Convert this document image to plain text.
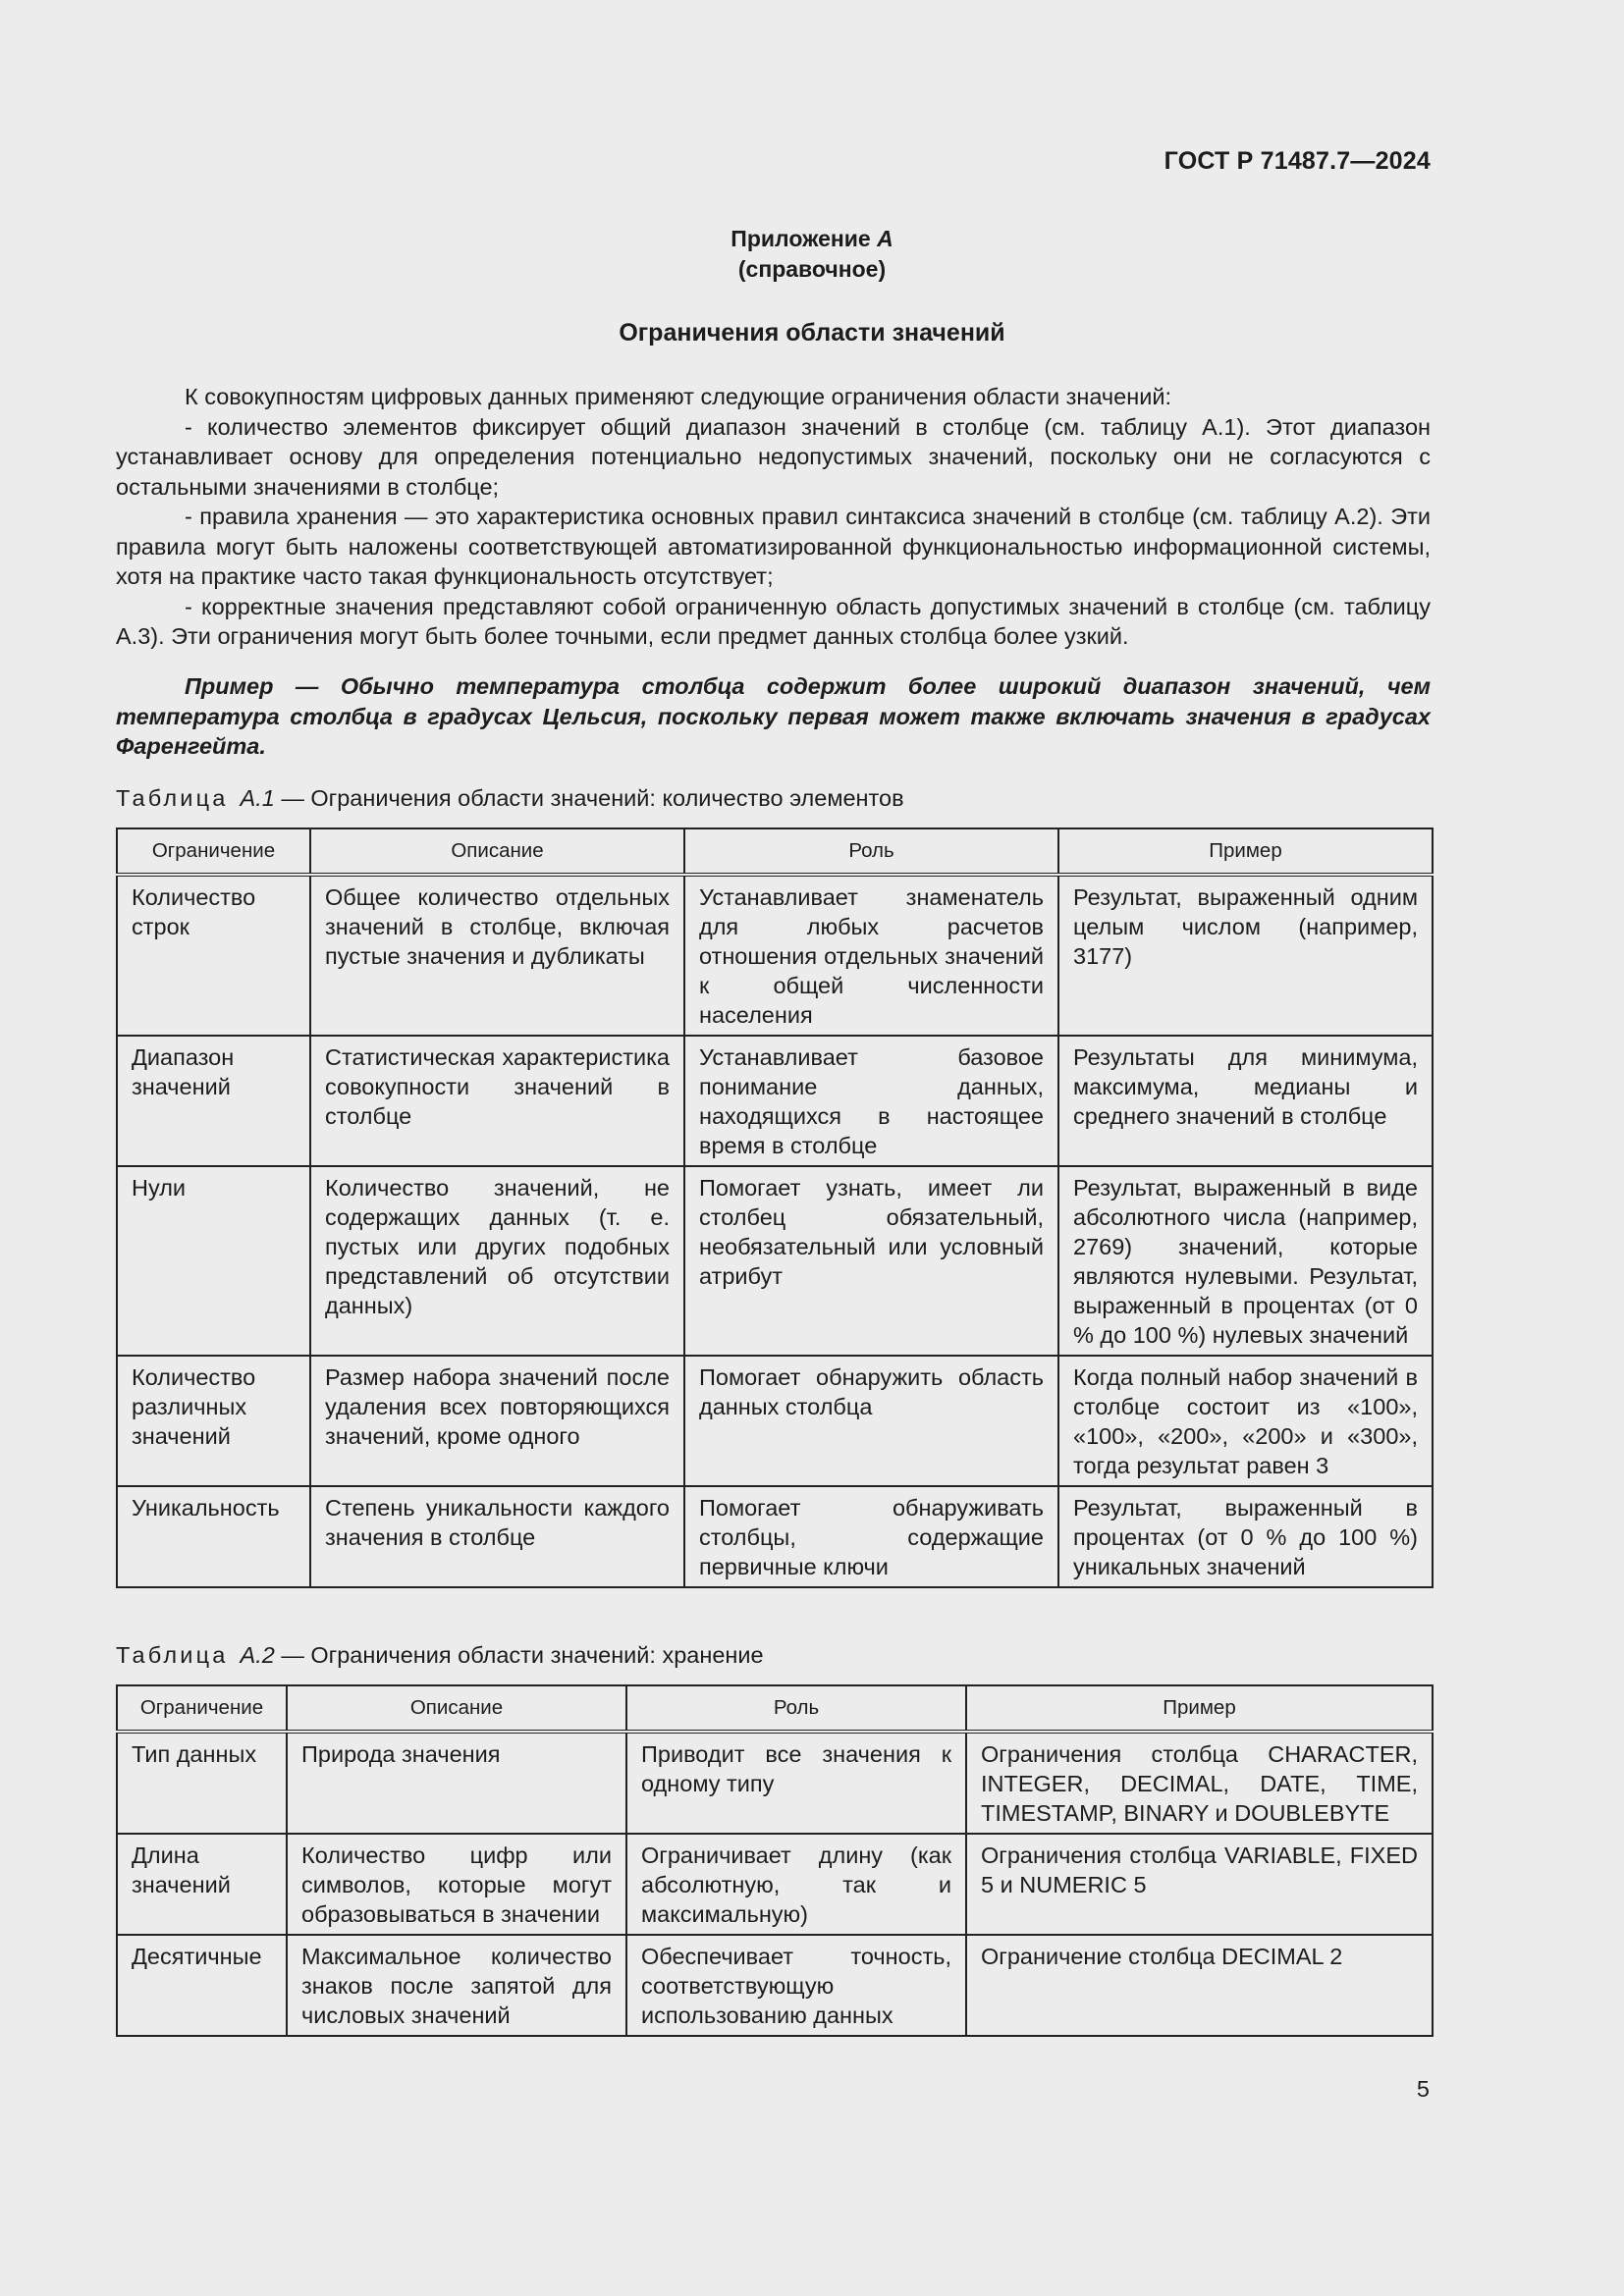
ГОСТ Р 71487.7—2024
Приложение А
(справочное)
Ограничения области значений

К совокупностям цифровых данных применяют следующие ограничения области значений:

- количество элементов фиксирует общий диапазон значений в столбце (см. таблицу А.1). Этот диапазон устанавливает основу для определения потенциально недопустимых значений, поскольку они не согласуются с остальными значениями в столбце;

- правила хранения — это характеристика основных правил синтаксиса значений в столбце (см. таблицу А.2). Эти правила могут быть наложены соответствующей автоматизированной функциональностью информационной системы, хотя на практике часто такая функциональность отсутствует;

- корректные значения представляют собой ограниченную область допустимых значений в столбце (см. таблицу А.3). Эти ограничения могут быть более точными, если предмет данных столбца более узкий.

Пример — Обычно температура столбца содержит более широкий диапазон значений, чем температура столбца в градусах Цельсия, поскольку первая может также включать значения в градусах Фаренгейта.

Таблица А.1 — Ограничения области значений: количество элементов
Ограничение	Описание	Роль	Пример
Количество строк	Общее количество отдельных значений в столбце, включая пустые значения и дубликаты	Устанавливает знаменатель для любых расчетов отношения отдельных значений к общей численности населения	Результат, выраженный одним целым числом (например, 3177)
Диапазон значений	Статистическая характеристика совокупности значений в столбце	Устанавливает базовое понимание данных, находящихся в настоящее время в столбце	Результаты для минимума, максимума, медианы и среднего значений в столбце
Нули	Количество значений, не содержащих данных (т. е. пустых или других подобных представлений об отсутствии данных)	Помогает узнать, имеет ли столбец обязательный, необязательный или условный атрибут	Результат, выраженный в виде абсолютного числа (например, 2769) значений, которые являются нулевыми. Результат, выраженный в процентах (от 0 % до 100 %) нулевых значений
Количество различных значений	Размер набора значений после удаления всех повторяющихся значений, кроме одного	Помогает обнаружить область данных столбца	Когда полный набор значений в столбце состоит из «100», «100», «200», «200» и «300», тогда результат равен 3
Уникальность	Степень уникальности каждого значения в столбце	Помогает обнаруживать столбцы, содержащие первичные ключи	Результат, выраженный в процентах (от 0 % до 100 %) уникальных значений
Таблица А.2 — Ограничения области значений: хранение
Ограничение	Описание	Роль	Пример
Тип данных	Природа значения	Приводит все значения к одному типу	Ограничения столбца CHARACTER, INTEGER, DECIMAL, DATE, TIME, TIMESTAMP, BINARY и DOUBLEBYTE
Длина значений	Количество цифр или символов, которые могут образовываться в значении	Ограничивает длину (как абсолютную, так и максимальную)	Ограничения столбца VARIABLE, FIXED 5 и NUMERIC 5
Десятичные	Максимальное количество знаков после запятой для числовых значений	Обеспечивает точность, соответствующую использованию данных	Ограничение столбца DECIMAL 2
5
